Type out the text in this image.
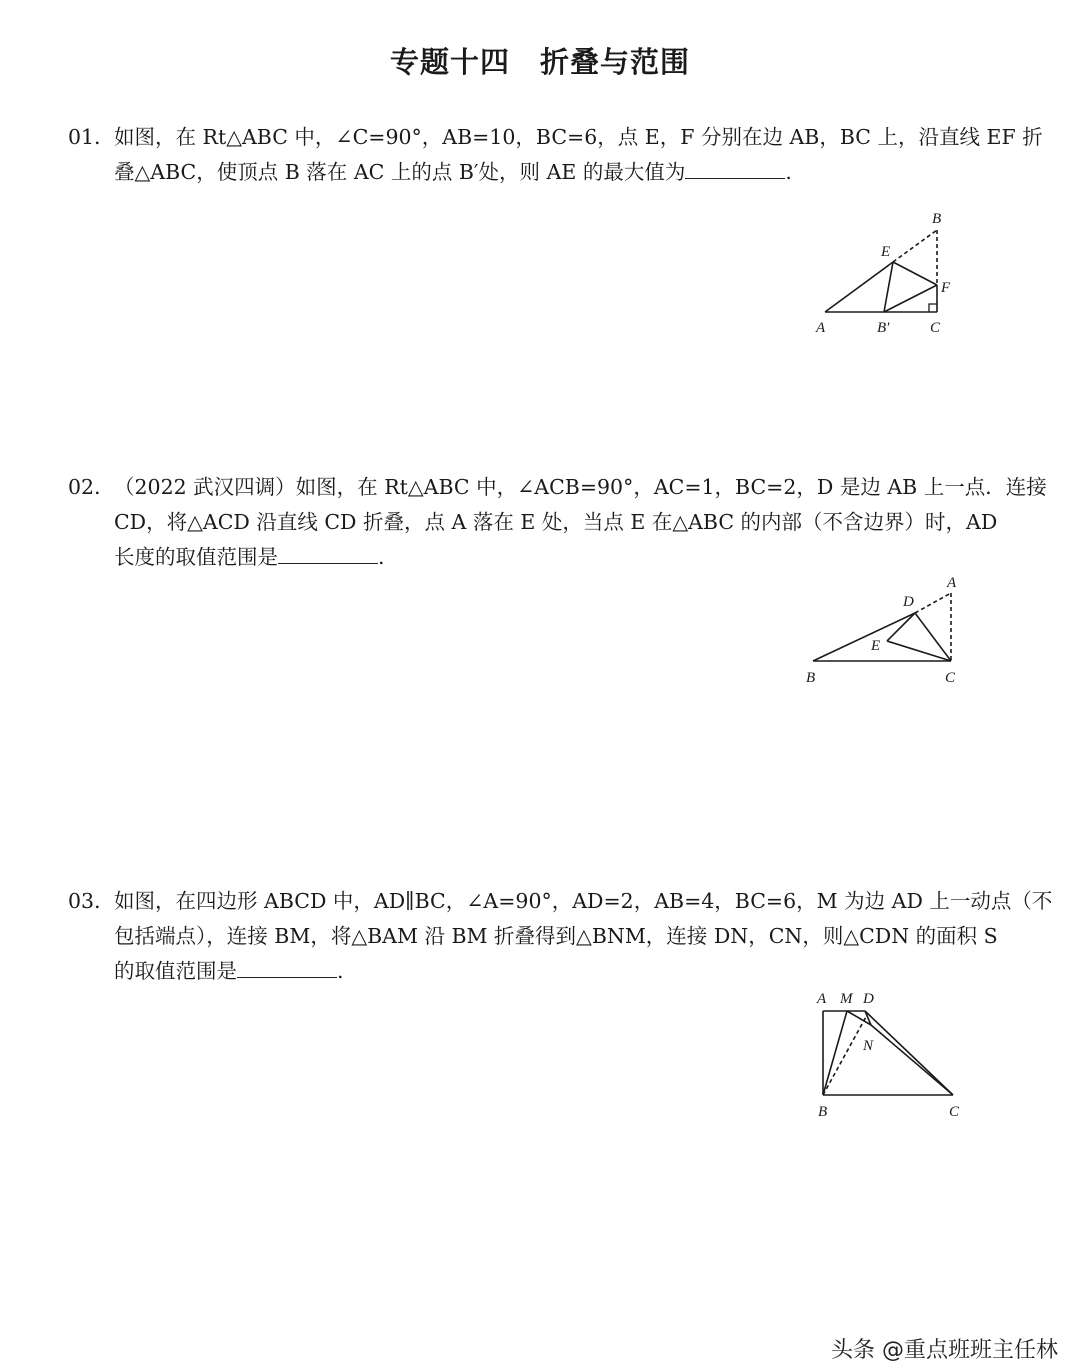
专题十四　折叠与范围
01．如图，在 Rt△ABC 中，∠C=90°，AB=10，BC=6，点 E，F 分别在边 AB，BC 上，沿直线 EF 折
叠△ABC，使顶点 B 落在 AC 上的点 B′处，则 AE 的最大值为	.
B
E
F
A	B′	C
02．（2022 武汉四调）如图，在 Rt△ABC 中，∠ACB=90°，AC=1，BC=2，D 是边 AB 上一点．连接
CD，将△ACD 沿直线 CD 折叠，点 A 落在 E 处，当点 E 在△ABC 的内部（不含边界）时，AD
长度的取值范围是	.
A
D
E
B	C
03．如图，在四边形 ABCD 中，AD∥BC，∠A=90°，AD=2，AB=4，BC=6，M 为边 AD 上一动点（不
包括端点），连接 BM，将△BAM 沿 BM 折叠得到△BNM，连接 DN，CN，则△CDN 的面积 S
的取值范围是	.
A M D
N
B	C
头条 @重点班班主任林
